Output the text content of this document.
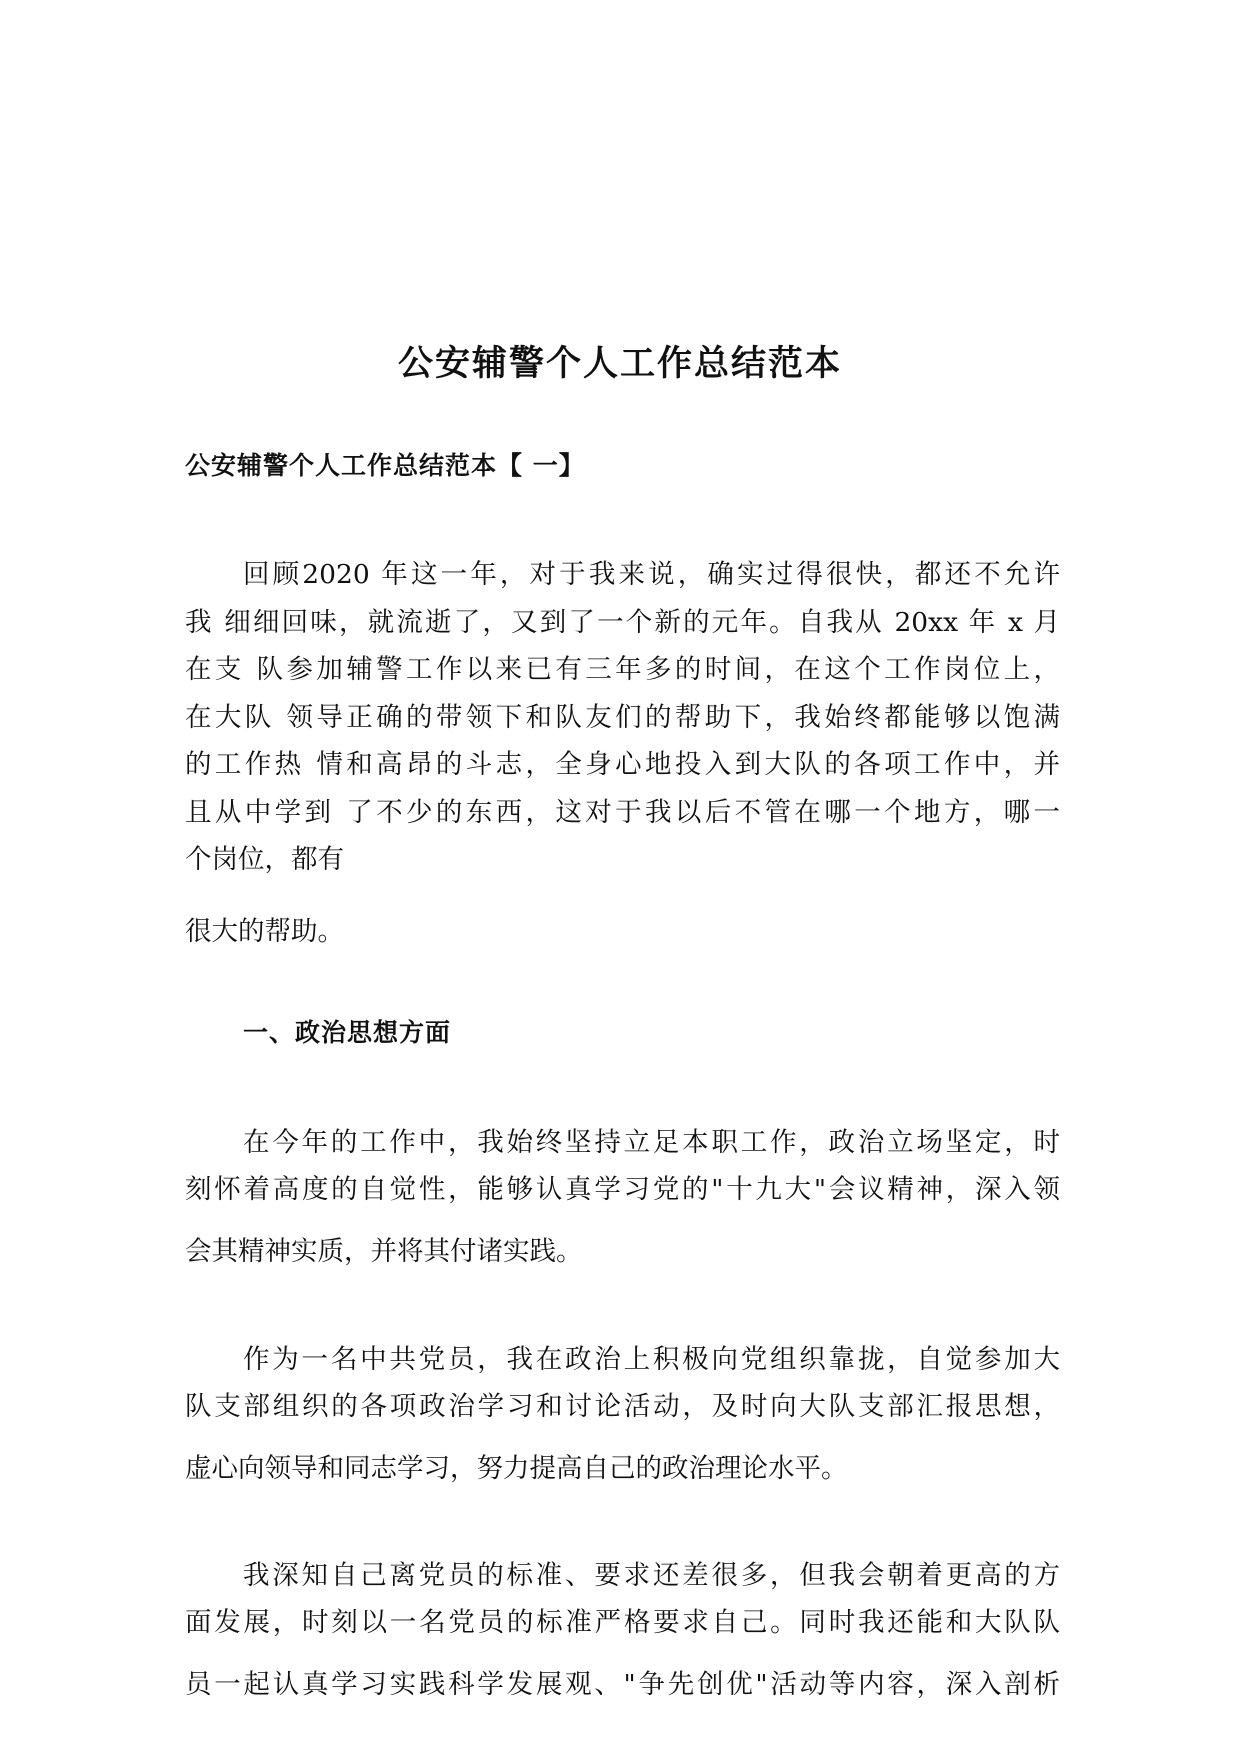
公安辅警个人工作总结范本
公安辅警个人工作总结范本【 一】
回顾2020 年这一年，对于我来说，确实过得很快，都还不允许
我 细细回味，就流逝了，又到了一个新的元年。自我从 20xx 年 x 月
在支 队参加辅警工作以来已有三年多的时间，在这个工作岗位上，
在大队 领导正确的带领下和队友们的帮助下，我始终都能够以饱满
的工作热 情和高昂的斗志，全身心地投入到大队的各项工作中，并
且从中学到 了不少的东西，这对于我以后不管在哪一个地方，哪一
个岗位，都有
很大的帮助。
一、政治思想方面
在今年的工作中，我始终坚持立足本职工作，政治立场坚定，时
刻怀着高度的自觉性，能够认真学习党的"十九大"会议精神，深入领
会其精神实质，并将其付诸实践。
作为一名中共党员，我在政治上积极向党组织靠拢，自觉参加大
队支部组织的各项政治学习和讨论活动，及时向大队支部汇报思想，
虚心向领导和同志学习，努力提高自己的政治理论水平。
我深知自己离党员的标准、要求还差很多，但我会朝着更高的方
面发展，时刻以一名党员的标准严格要求自己。同时我还能和大队队
员一起认真学习实践科学发展观、"争先创优"活动等内容，深入剖析
